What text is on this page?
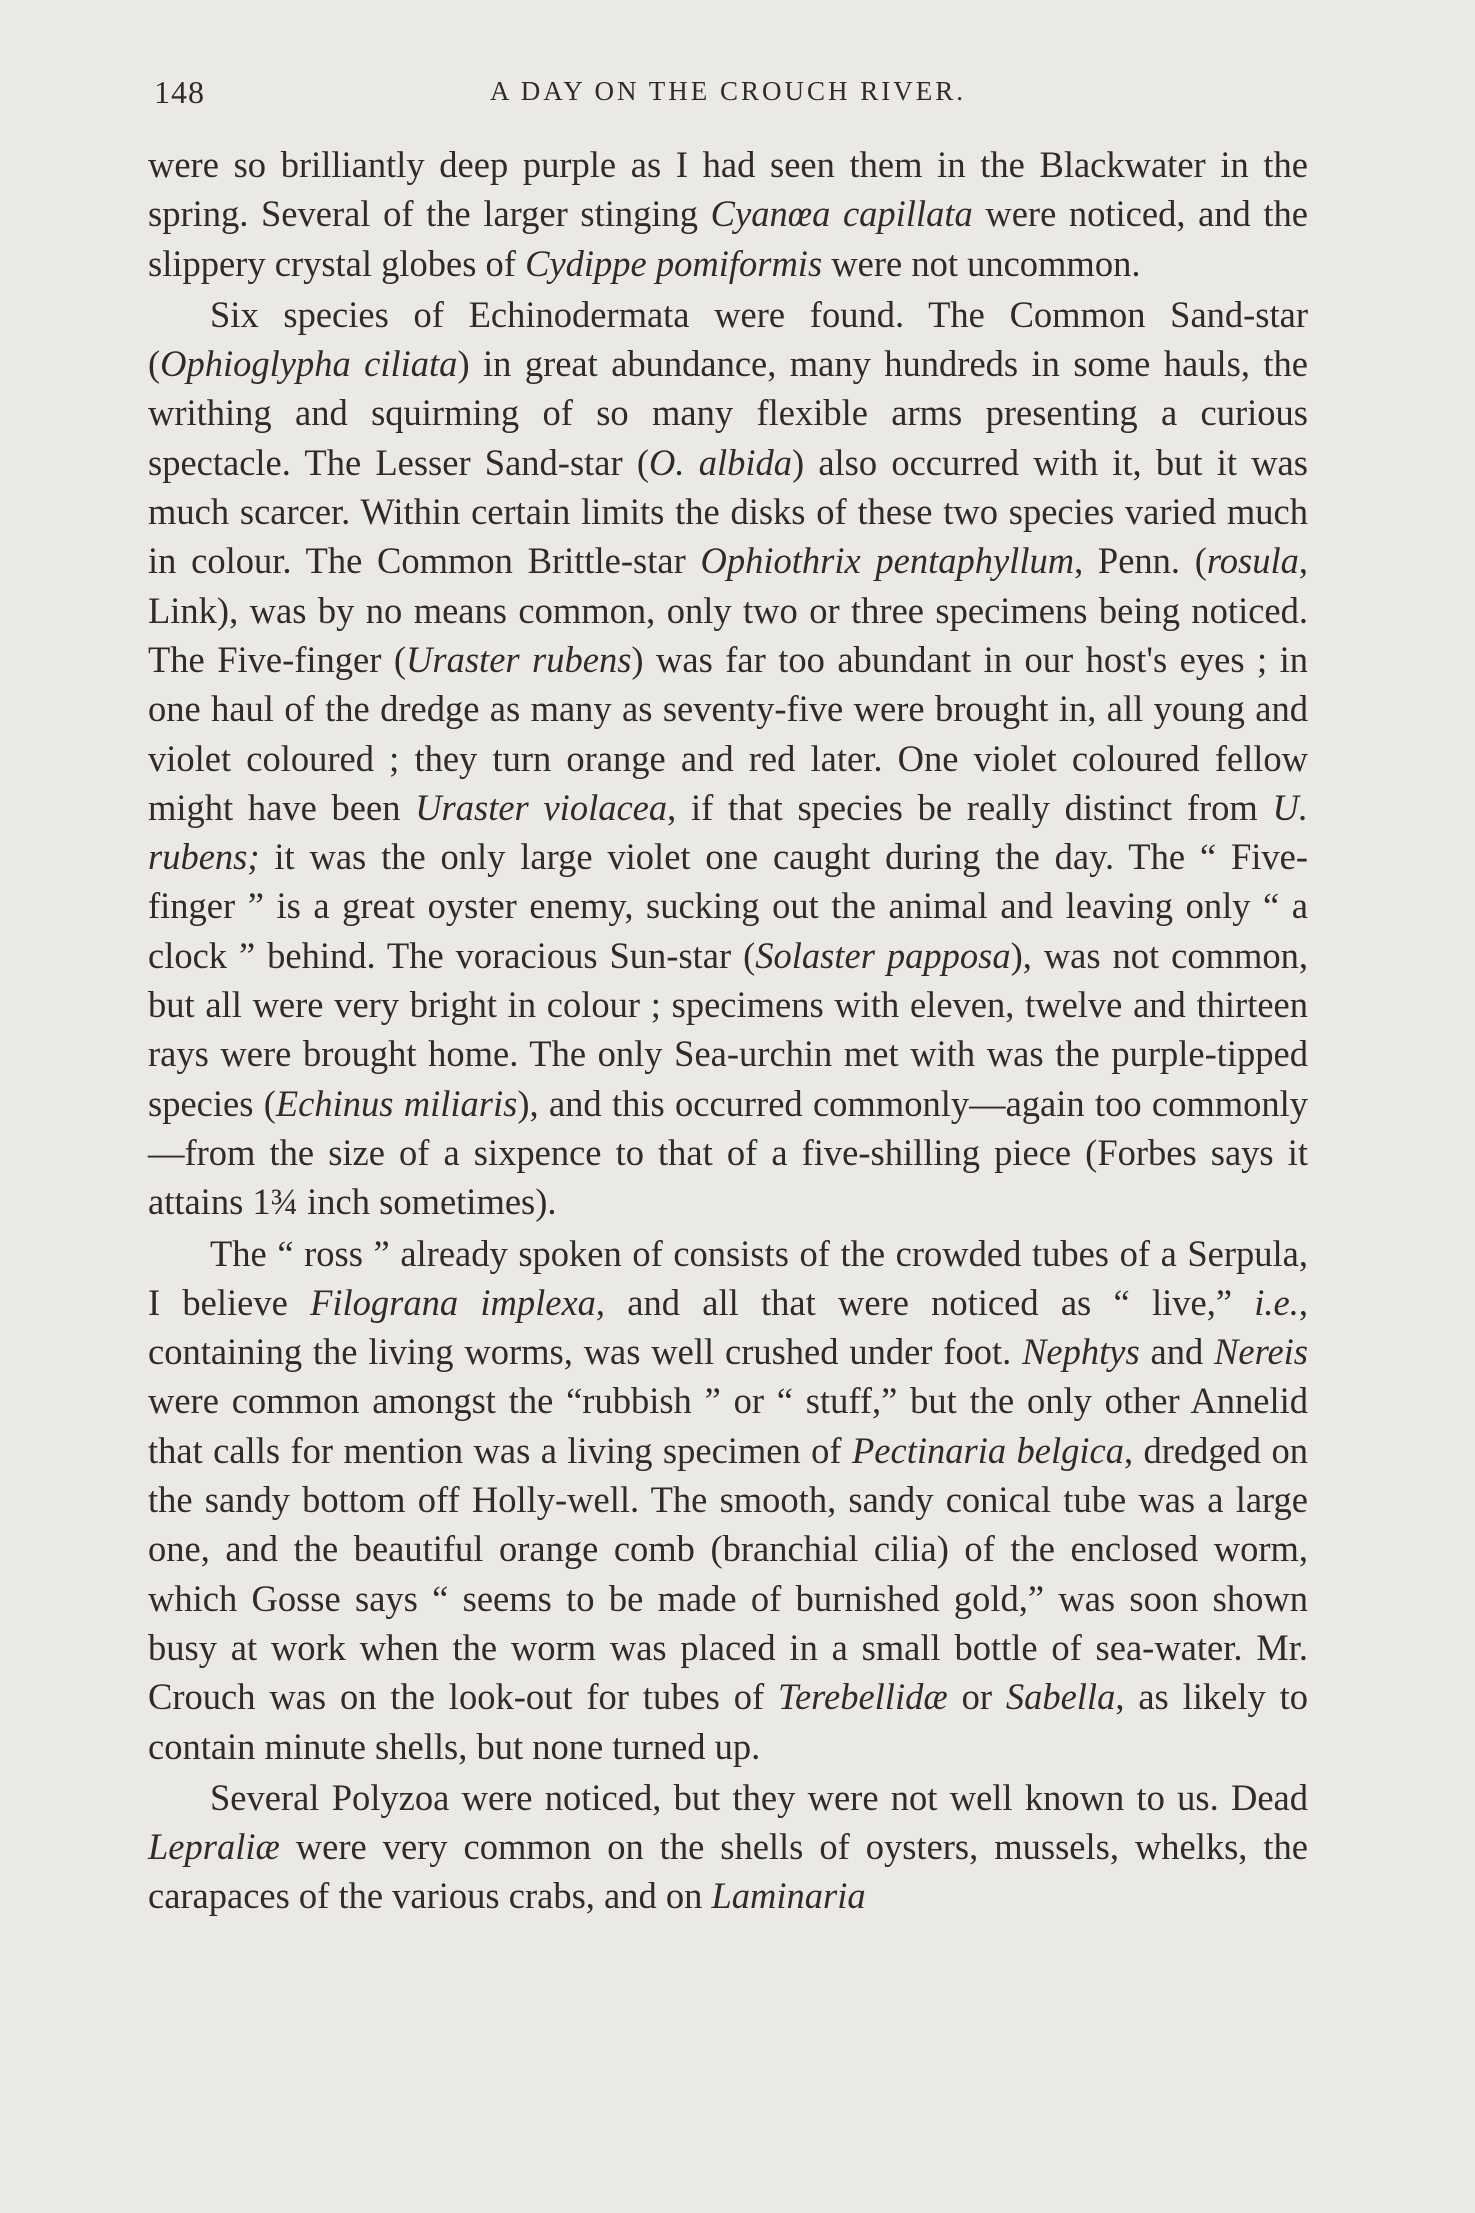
148	A DAY ON THE CROUCH RIVER.

were so brilliantly deep purple as I had seen them in the Blackwater in the spring. Several of the larger stinging Cyanœa capillata were noticed, and the slippery crystal globes of Cydippe pomiformis were not uncommon.

Six species of Echinodermata were found. The Common Sand-star (Ophioglypha ciliata) in great abundance, many hundreds in some hauls, the writhing and squirming of so many flexible arms presenting a curious spectacle. The Lesser Sand-star (O. albida) also occurred with it, but it was much scarcer. Within certain limits the disks of these two species varied much in colour. The Common Brittle-star Ophiothrix pentaphyllum, Penn. (rosula, Link), was by no means common, only two or three specimens being noticed. The Five-finger (Uraster rubens) was far too abundant in our host's eyes ; in one haul of the dredge as many as seventy-five were brought in, all young and violet coloured ; they turn orange and red later. One violet coloured fellow might have been Uraster violacea, if that species be really distinct from U. rubens; it was the only large violet one caught during the day. The “ Five-finger ” is a great oyster enemy, sucking out the animal and leaving only “ a clock ” behind. The voracious Sun-star (Solaster papposa), was not common, but all were very bright in colour ; specimens with eleven, twelve and thirteen rays were brought home. The only Sea-urchin met with was the purple-tipped species (Echinus miliaris), and this occurred commonly—again too commonly—from the size of a sixpence to that of a five-shilling piece (Forbes says it attains 1¾ inch sometimes).

The “ ross ” already spoken of consists of the crowded tubes of a Serpula, I believe Filograna implexa, and all that were noticed as “ live,” i.e., containing the living worms, was well crushed under foot. Nephtys and Nereis were common amongst the “rubbish ” or “ stuff,” but the only other Annelid that calls for mention was a living specimen of Pectinaria belgica, dredged on the sandy bottom off Holly-well. The smooth, sandy conical tube was a large one, and the beautiful orange comb (branchial cilia) of the enclosed worm, which Gosse says “ seems to be made of burnished gold,” was soon shown busy at work when the worm was placed in a small bottle of sea-water. Mr. Crouch was on the look-out for tubes of Terebellidæ or Sabella, as likely to contain minute shells, but none turned up.

Several Polyzoa were noticed, but they were not well known to us. Dead Lepraliæ were very common on the shells of oysters, mussels, whelks, the carapaces of the various crabs, and on Laminaria
